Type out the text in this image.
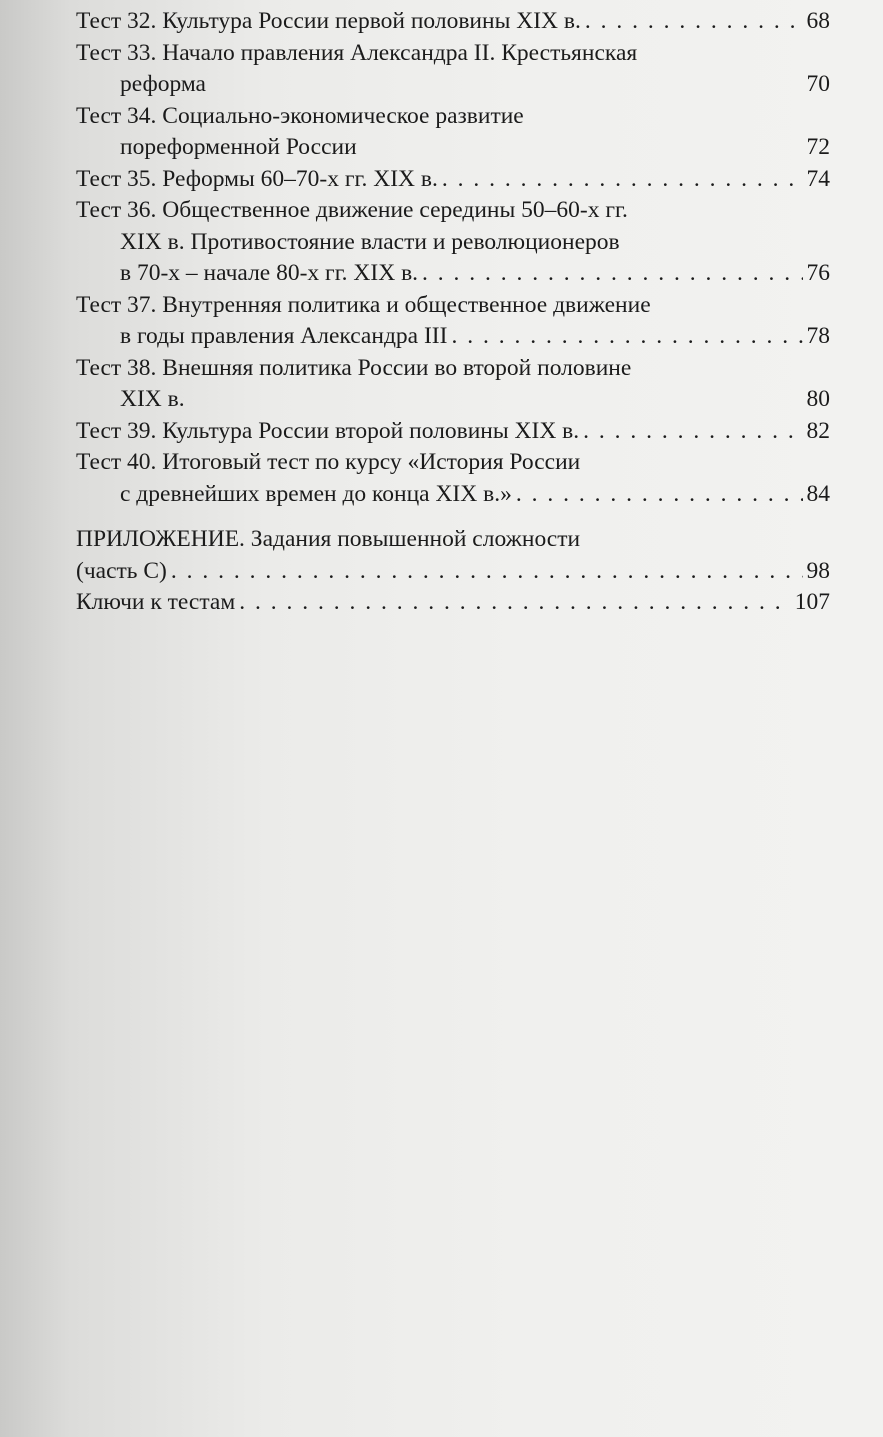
Тест 32. Культура России первой половины XIX в. . . .	68
Тест 33. Начало правления Александра II. Крестьянская
реформа	70
Тест 34. Социально-экономическое развитие
пореформенной России	72
Тест 35. Реформы 60–70-х гг. XIX в. . . .	74
Тест 36. Общественное движение середины 50–60-х гг.
XIX в. Противостояние власти и революционеров
в 70-х – начале 80-х гг. XIX в. . . .	76
Тест 37. Внутренняя политика и общественное движение
в годы правления Александра III . . .	78
Тест 38. Внешняя политика России во второй половине
XIX в.	80
Тест 39. Культура России второй половины XIX в. . . .	82
Тест 40. Итоговый тест по курсу «История России
с древнейших времен до конца XIX в.» . . .	84
ПРИЛОЖЕНИЕ. Задания повышенной сложности
(часть С) . . .	98
Ключи к тестам . . .	107
